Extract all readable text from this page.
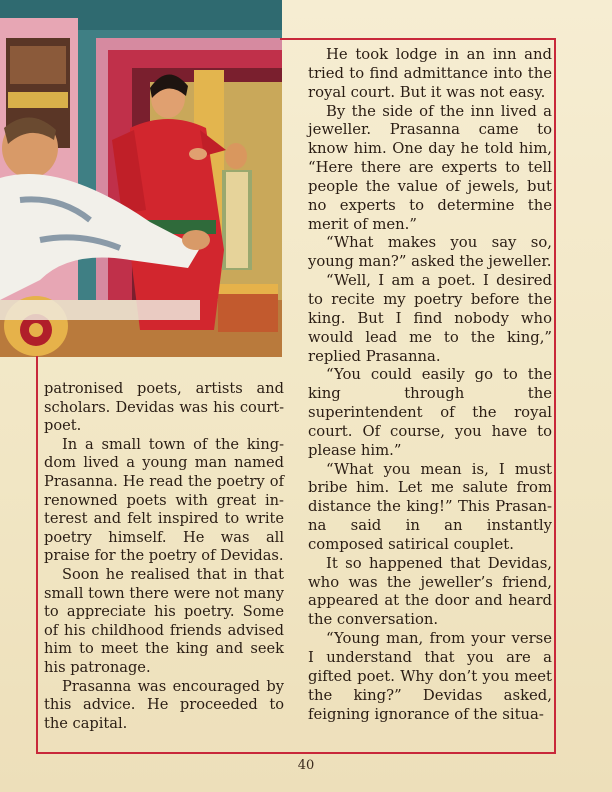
patronised poets, artists and scholars. Devidas was his court-poet.

In a small town of the king-dom lived a young man named Prasanna. He read the poetry of renowned poets with great in-terest and felt inspired to write poetry himself. He was all praise for the poetry of Devidas.

Soon he realised that in that small town there were not many to appreciate his poetry. Some of his childhood friends advised him to meet the king and seek his patronage.

Prasanna was encouraged by this advice. He proceeded to the capital.

He took lodge in an inn and tried to find admittance into the royal court. But it was not easy.

By the side of the inn lived a jeweller. Prasanna came to know him. One day he told him, “Here there are experts to tell people the value of jewels, but no experts to determine the merit of men.”

“What makes you say so, young man?” asked the jeweller.

“Well, I am a poet. I desired to recite my poetry before the king. But I find nobody who would lead me to the king,” replied Prasanna.

“You could easily go to the king through the superintendent of the royal court. Of course, you have to please him.”

“What you mean is, I must bribe him. Let me salute from distance the king!” This Prasan-na said in an instantly composed satirical couplet.

It so happened that Devidas, who was the jeweller’s friend, appeared at the door and heard the conversation.

“Young man, from your verse I understand that you are a gifted poet. Why don’t you meet the king?” Devidas asked, feigning ignorance of the situa-

40
